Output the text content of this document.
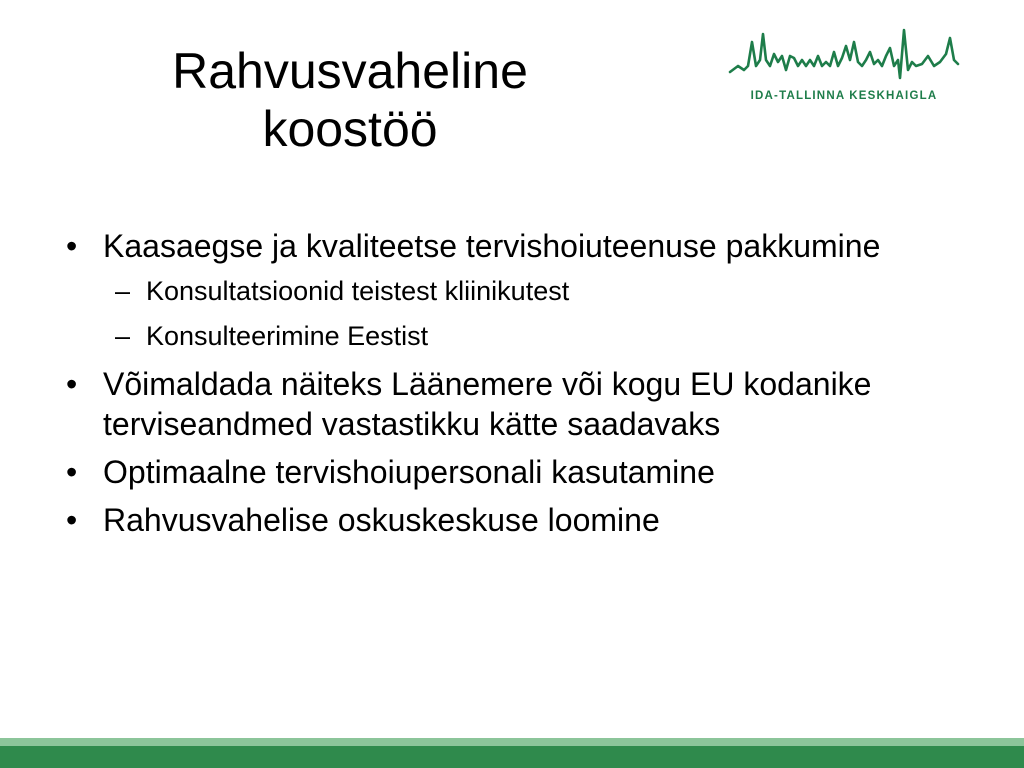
Rahvusvaheline
koostöö
IDA-TALLINNA KESKHAIGLA
• Kaasaegse ja kvaliteetse tervishoiuteenuse pakkumine
– Konsultatsioonid teistest kliinikutest
– Konsulteerimine Eestist
• Võimaldada näiteks Läänemere või kogu EU kodanike terviseandmed vastastikku kätte saadavaks
• Optimaalne tervishoiupersonali kasutamine
• Rahvusvahelise oskuskeskuse loomine
